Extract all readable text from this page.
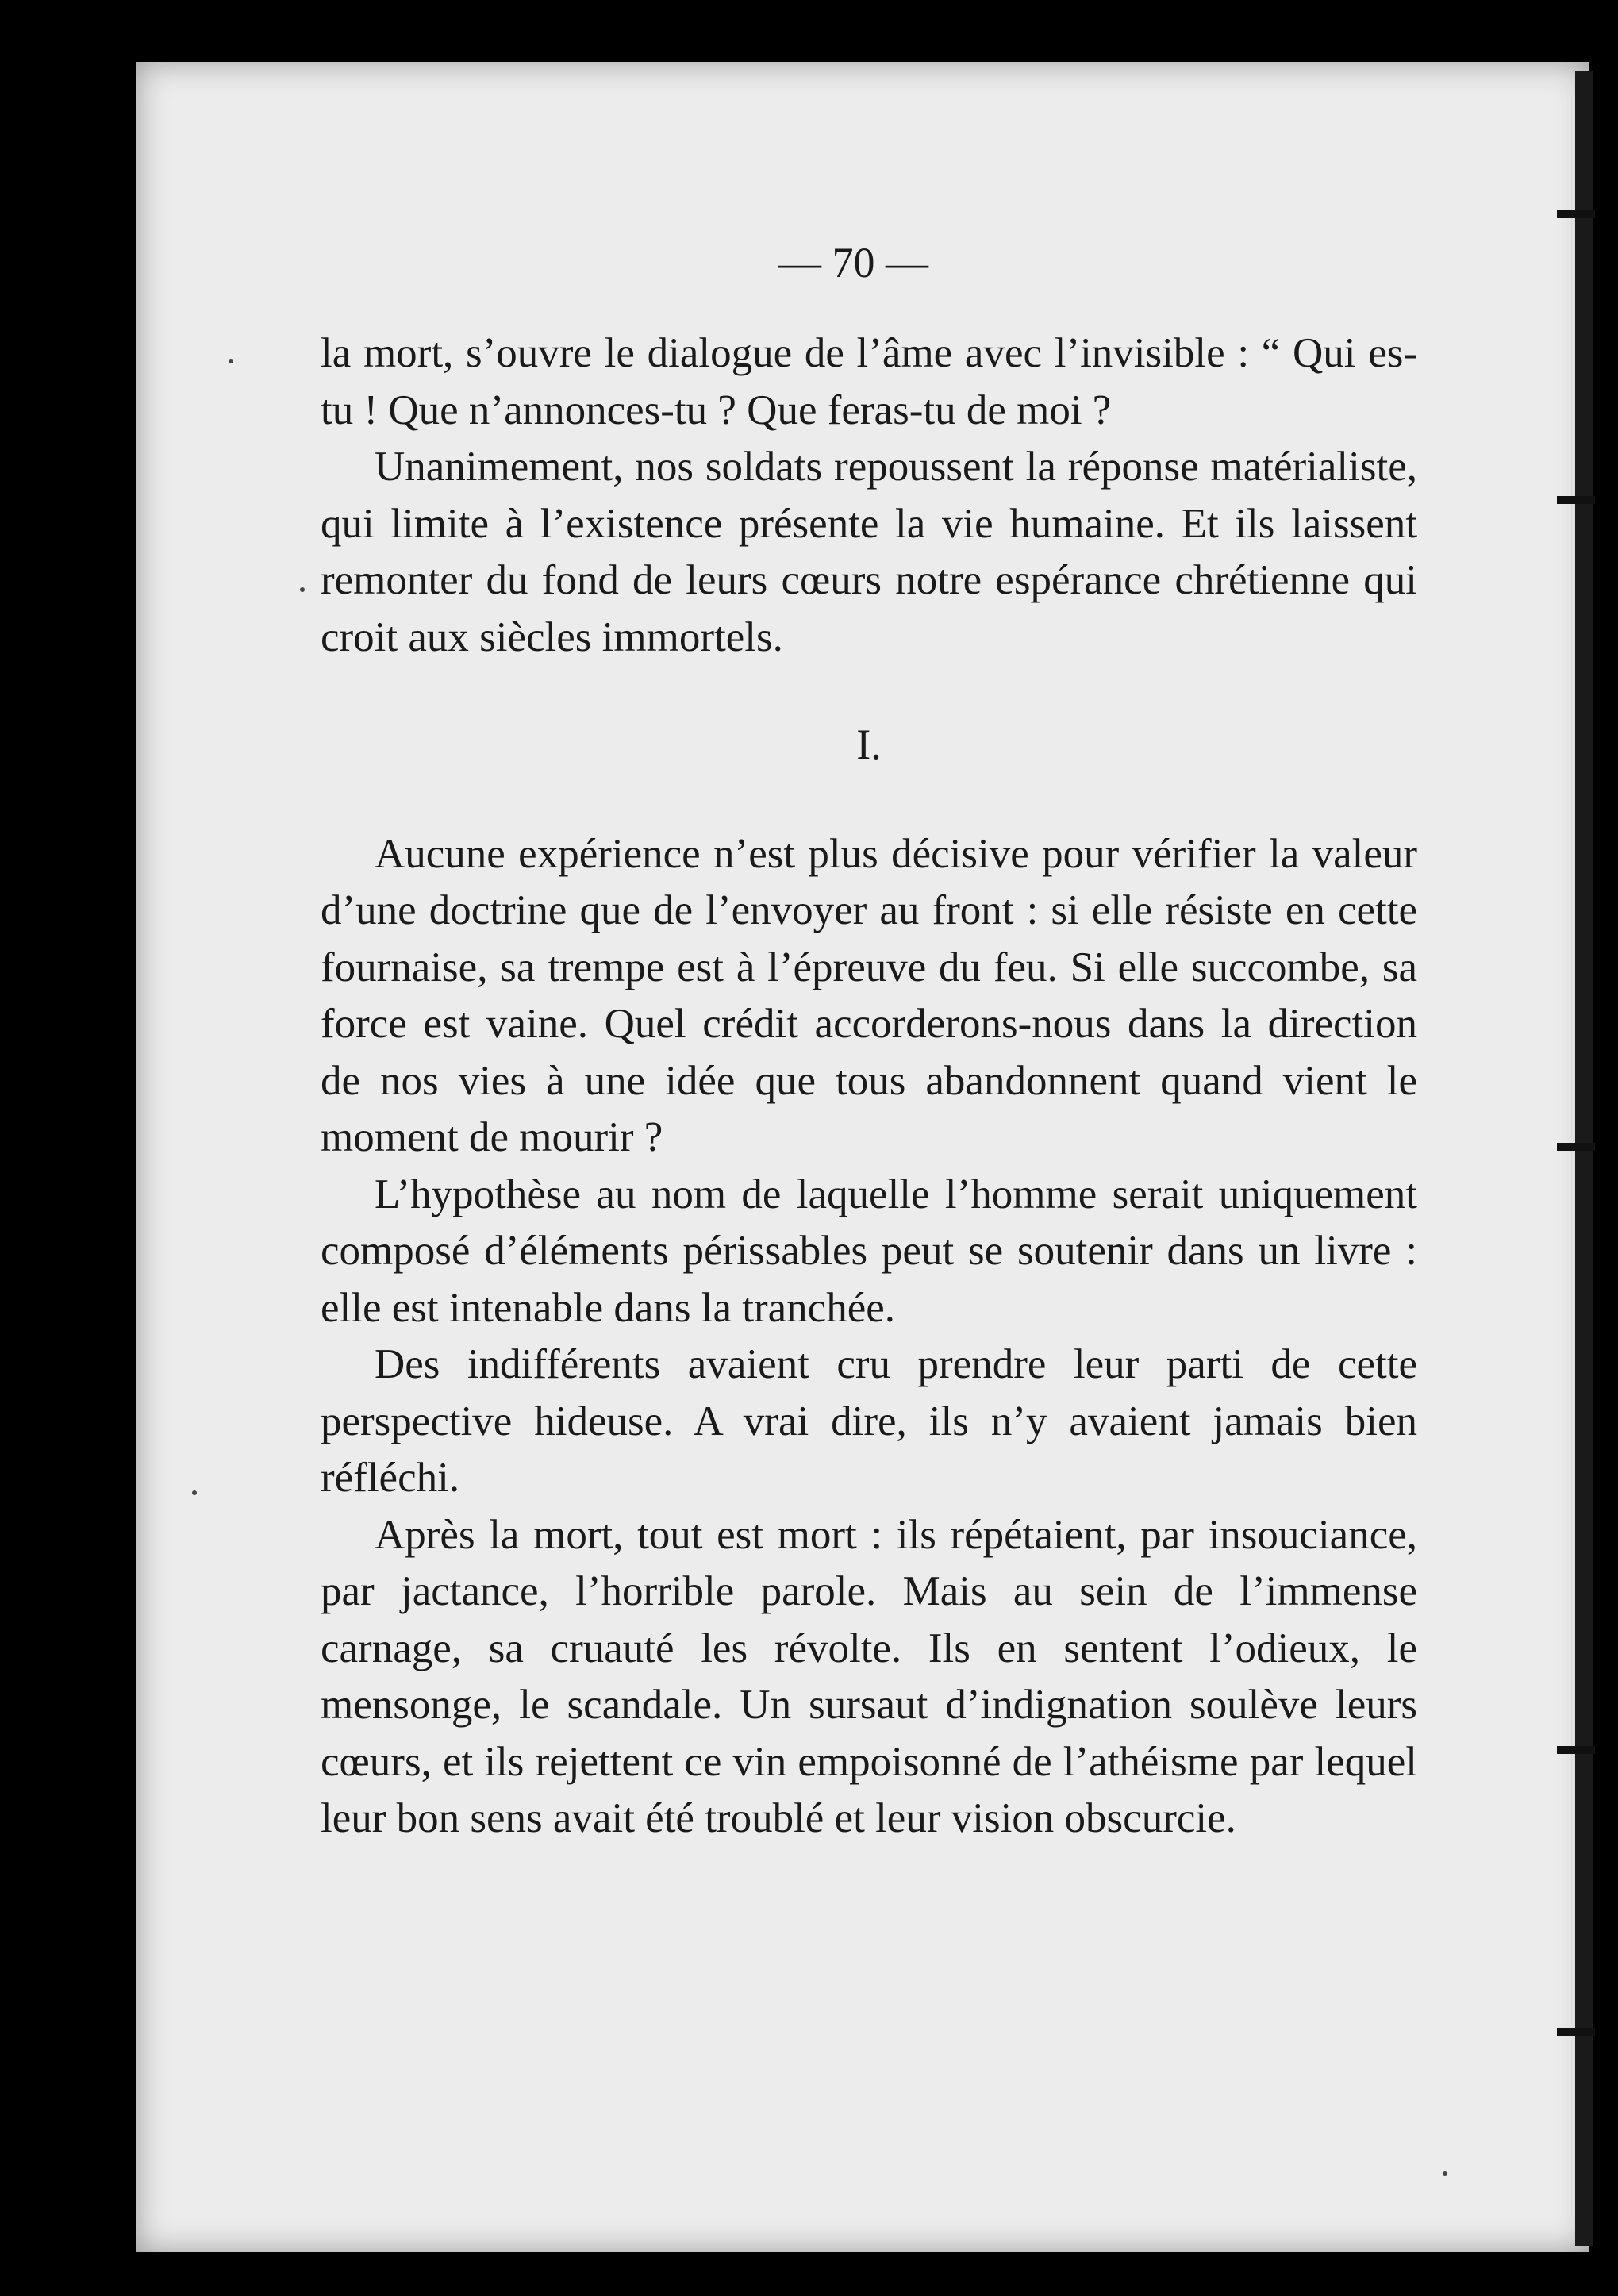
— 70 —

la mort, s’ouvre le dialogue de l’âme avec l’invisible : “ Qui es-tu ! Que n’annonces-tu ? Que feras-tu de moi ?

Unanimement, nos soldats repoussent la réponse matérialiste, qui limite à l’existence présente la vie humaine. Et ils laissent remonter du fond de leurs cœurs notre espérance chrétienne qui croit aux siècles immortels.

I.

Aucune expérience n’est plus décisive pour vérifier la valeur d’une doctrine que de l’envoyer au front : si elle résiste en cette fournaise, sa trempe est à l’épreuve du feu. Si elle succombe, sa force est vaine. Quel crédit accorderons-nous dans la direction de nos vies à une idée que tous abandonnent quand vient le moment de mourir ?

L’hypothèse au nom de laquelle l’homme serait uniquement composé d’éléments périssables peut se soutenir dans un livre : elle est intenable dans la tranchée.

Des indifférents avaient cru prendre leur parti de cette perspective hideuse. A vrai dire, ils n’y avaient jamais bien réfléchi.

Après la mort, tout est mort : ils répétaient, par insouciance, par jactance, l’horrible parole. Mais au sein de l’immense carnage, sa cruauté les révolte. Ils en sentent l’odieux, le mensonge, le scandale. Un sursaut d’indignation soulève leurs cœurs, et ils rejettent ce vin empoisonné de l’athéisme par lequel leur bon sens avait été troublé et leur vision obscurcie.
